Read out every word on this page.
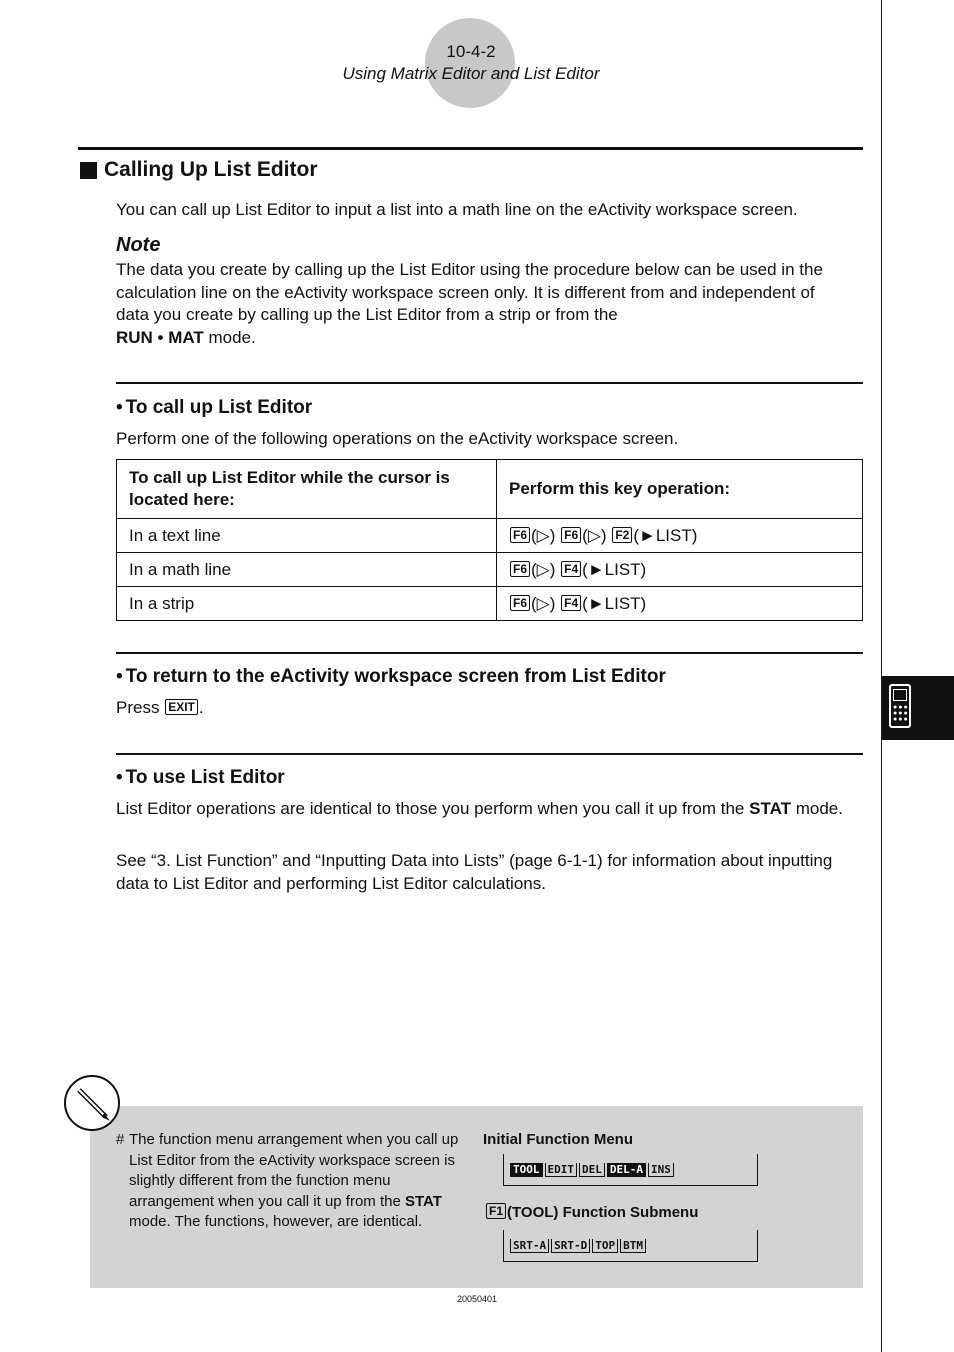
10-4-2
Using Matrix Editor and List Editor
Calling Up List Editor
You can call up List Editor to input a list into a math line on the eActivity workspace screen.
Note
The data you create by calling up the List Editor using the procedure below can be used in the calculation line on the eActivity workspace screen only. It is different from and independent of data you create by calling up the List Editor from a strip or from the
RUN • MAT mode.
• To call up List Editor
Perform one of the following operations on the eActivity workspace screen.
To call up List Editor while the cursor is located here:	Perform this key operation:
In a text line	F6 (▷) F6 (▷) F2 (►LIST)
In a math line	F6 (▷) F4 (►LIST)
In a strip	F6 (▷) F4 (►LIST)
• To return to the eActivity workspace screen from List Editor
Press EXIT .	●●●
●●●
●●●
• To use List Editor
List Editor operations are identical to those you perform when you call it up from the STAT mode.
See “3. List Function” and “Inputting Data into Lists” (page 6-1-1) for information about inputting data to List Editor and performing List Editor calculations.
# The function menu arrangement when you call up List Editor from the eActivity workspace screen is slightly different from the function menu arrangement when you call it up from the STAT mode. The functions, however, are identical.
Initial Function Menu
TOOL EDIT DEL DEL-A INS
F1 (TOOL) Function Submenu
SRT-A SRT-D TOP BTM
20050401
